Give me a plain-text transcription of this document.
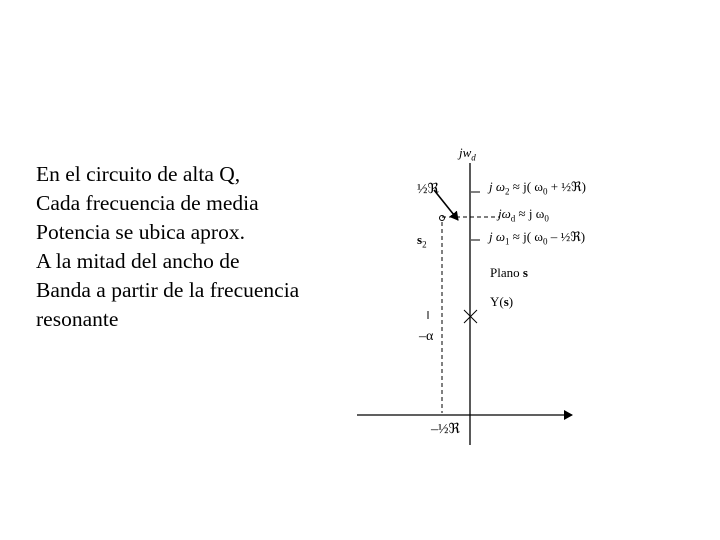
En el circuito de alta Q,
Cada frecuencia de media
Potencia se ubica aprox.
A la mitad del ancho de
Banda a partir de la frecuencia
resonante
$jw_d$
½ℜ
$s_2$
–α
–½ℜ
j $\omega_2 \approx j$( $\omega_0$ + ½ℜ)
$j\omega_d \approx j$ $\omega_0$
j $\omega_1 \approx j$( $\omega_0$ – ½ℜ)
Plano s
Y(s)
